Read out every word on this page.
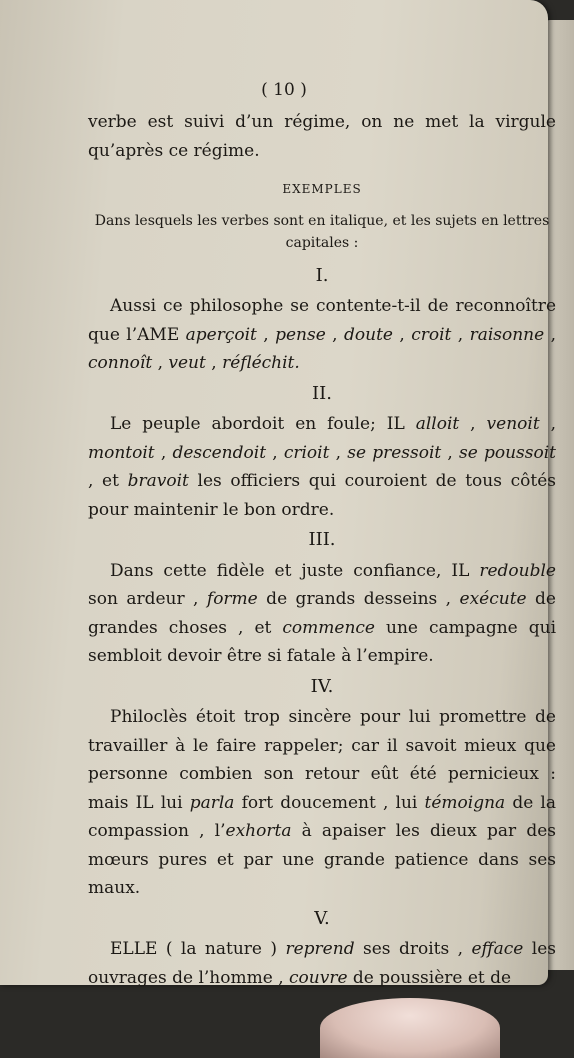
( 10 )

verbe est suivi d’un régime, on ne met la virgule qu’après ce régime.

EXEMPLES
Dans lesquels les verbes sont en italique, et les sujets en lettres capitales :
I.

Aussi ce philosophe se contente-t-il de reconnoître que l’AME aperçoit , pense , doute , croit , raisonne , connoît , veut , réfléchit.

II.

Le peuple abordoit en foule; IL alloit , venoit , montoit , descendoit , crioit , se pressoit , se poussoit , et bravoit les officiers qui couroient de tous côtés pour maintenir le bon ordre.

III.

Dans cette fidèle et juste confiance, IL redouble son ardeur , forme de grands desseins , exécute de grandes choses , et commence une campagne qui sembloit devoir être si fatale à l’empire.

IV.

Philoclès étoit trop sincère pour lui promettre de travailler à le faire rappeler; car il savoit mieux que personne combien son retour eût été pernicieux : mais IL lui parla fort doucement , lui témoigna de la compassion , l’exhorta à apaiser les dieux par des mœurs pures et par une grande patience dans ses maux.

V.

ELLE ( la nature ) reprend ses droits , efface les ouvrages de l’homme , couvre de poussière et de
